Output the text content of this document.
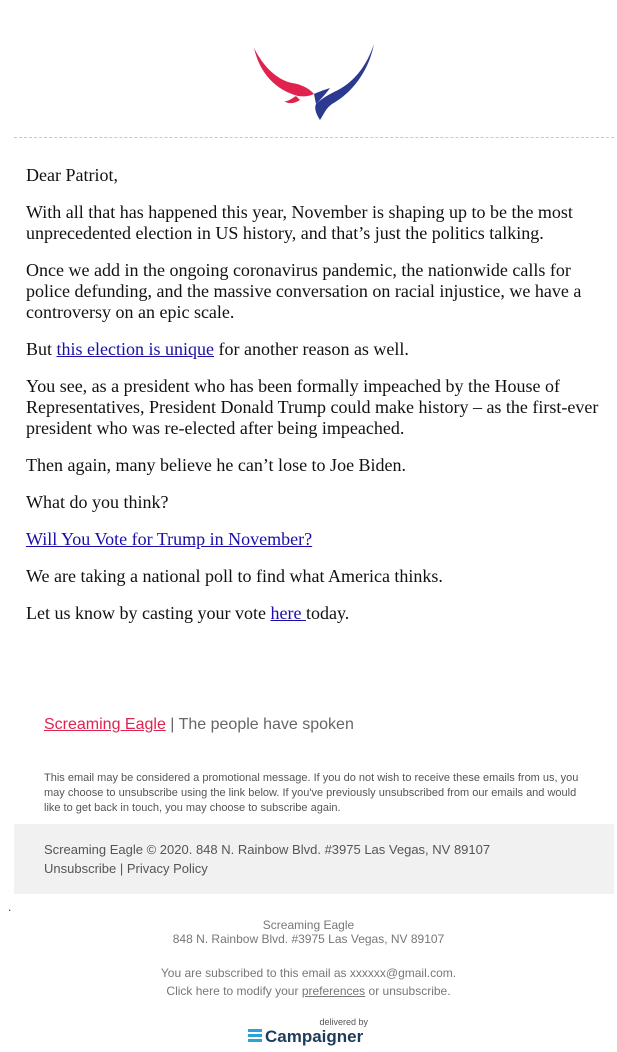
Dear Patriot,

With all that has happened this year, November is shaping up to be the most unprecedented election in US history, and that’s just the politics talking.

Once we add in the ongoing coronavirus pandemic, the nationwide calls for police defunding, and the massive conversation on racial injustice, we have a controversy on an epic scale.

But this election is unique for another reason as well.

You see, as a president who has been formally impeached by the House of Representatives, President Donald Trump could make history – as the first-ever president who was re-elected after being impeached.

Then again, many believe he can’t lose to Joe Biden.

What do you think?

Will You Vote for Trump in November?

We are taking a national poll to find what America thinks.

Let us know by casting your vote here today.

Screaming Eagle | The people have spoken
This email may be considered a promotional message. If you do not wish to receive these emails from us, you may choose to unsubscribe using the link below. If you've previously unsubscribed from our emails and would like to get back in touch, you may choose to subscribe again.
Screaming Eagle © 2020. 848 N. Rainbow Blvd. #3975 Las Vegas, NV 89107
Unsubscribe | Privacy Policy
.
Screaming Eagle
848 N. Rainbow Blvd. #3975 Las Vegas, NV 89107
You are subscribed to this email as xxxxxx@gmail.com.
Click here to modify your preferences or unsubscribe.
delivered by
Campaigner
